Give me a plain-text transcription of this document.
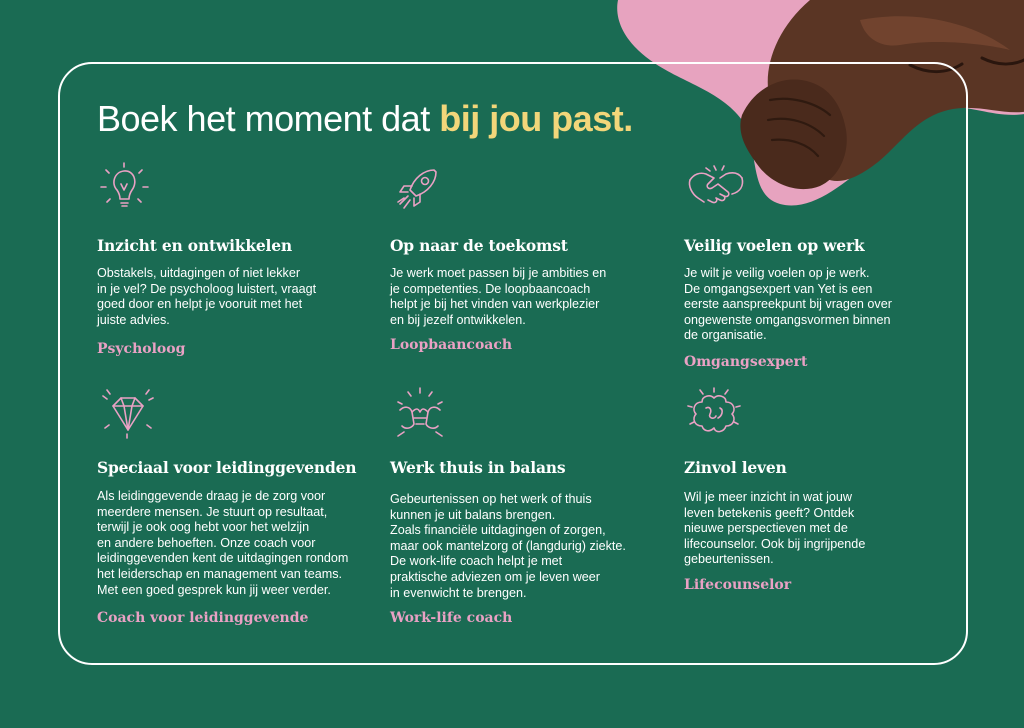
Boek het moment dat bij jou past.
Inzicht en ontwikkelen

Obstakels, uitdagingen of niet lekker
in je vel? De psycholoog luistert, vraagt
goed door en helpt je vooruit met het
juiste advies.

Psycholoog
Op naar de toekomst

Je werk moet passen bij je ambities en
je competenties. De loopbaancoach
helpt je bij het vinden van werkplezier
en bij jezelf ontwikkelen.

Loopbaancoach
Veilig voelen op werk

Je wilt je veilig voelen op je werk.
De omgangsexpert van Yet is een
eerste aanspreekpunt bij vragen over
ongewenste omgangsvormen binnen
de organisatie.

Omgangsexpert
Speciaal voor leidinggevenden

Als leidinggevende draag je de zorg voor
meerdere mensen. Je stuurt op resultaat,
terwijl je ook oog hebt voor het welzijn
en andere behoeften. Onze coach voor
leidinggevenden kent de uitdagingen rondom
het leiderschap en management van teams.
Met een goed gesprek kun jij weer verder.

Coach voor leidinggevende
Werk thuis in balans

Gebeurtenissen op het werk of thuis
kunnen je uit balans brengen.
Zoals financiële uitdagingen of zorgen,
maar ook mantelzorg of (langdurig) ziekte.
De work-life coach helpt je met
praktische adviezen om je leven weer
in evenwicht te brengen.

Work-life coach
Zinvol leven

Wil je meer inzicht in wat jouw
leven betekenis geeft? Ontdek
nieuwe perspectieven met de
lifecounselor. Ook bij ingrijpende
gebeurtenissen.

Lifecounselor
